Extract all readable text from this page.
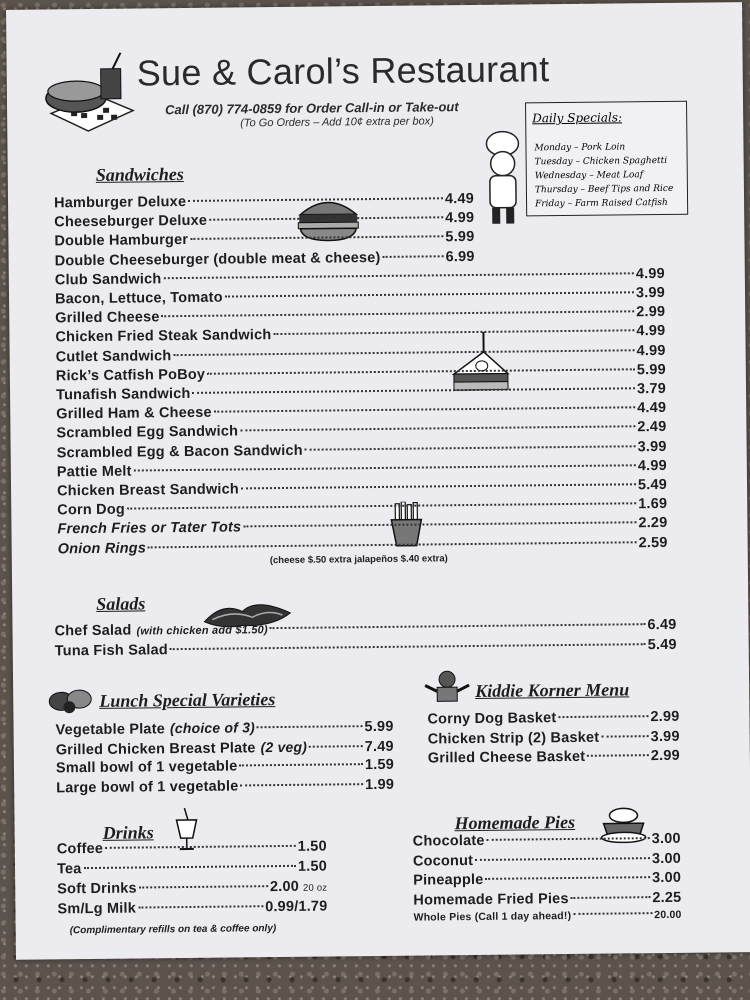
Sue & Carol’s Restaurant
Call (870) 774-0859 for Order Call-in or Take-out
(To Go Orders – Add 10¢ extra per box)	Daily Specials:
Monday – Pork Loin
Tuesday – Chicken Spaghetti
Wednesday – Meat Loaf
Thursday – Beef Tips and Rice
Friday – Farm Raised Catfish
Sandwiches
(cheese $.50 extra jalapeños $.40 extra)
Salads
Lunch Special Varieties	Kiddie Korner Menu
Drinks
(Complimentary refills on tea & coffee only)
Homemade Pies
Hamburger Deluxe	4.49
Cheeseburger Deluxe	4.99
Double Hamburger	5.99
Double Cheeseburger (double meat & cheese)	6.99
Club Sandwich	4.99
Bacon, Lettuce, Tomato	3.99
Grilled Cheese	2.99
Chicken Fried Steak Sandwich	4.99
Cutlet Sandwich	4.99
Rick’s Catfish PoBoy	5.99
Tunafish Sandwich	3.79
Grilled Ham & Cheese	4.49
Scrambled Egg Sandwich	2.49
Scrambled Egg & Bacon Sandwich	3.99
Pattie Melt	4.99
Chicken Breast Sandwich	5.49
Corn Dog	1.69
French Fries or Tater Tots	2.29
Onion Rings	2.59
Chef Salad (with chicken add $1.50)	6.49
Tuna Fish Salad	5.49
Vegetable Plate (choice of 3)	5.99
Grilled Chicken Breast Plate (2 veg)	7.49
Small bowl of 1 vegetable	1.59
Large bowl of 1 vegetable	1.99
Corny Dog Basket	2.99
Chicken Strip (2) Basket	3.99
Grilled Cheese Basket	2.99
Coffee	1.50
Tea	1.50
Soft Drinks	2.00 20 oz
Sm/Lg Milk	0.99/1.79
Chocolate	3.00
Coconut	3.00
Pineapple	3.00
Homemade Fried Pies	2.25
Whole Pies (Call 1 day ahead!)	20.00
